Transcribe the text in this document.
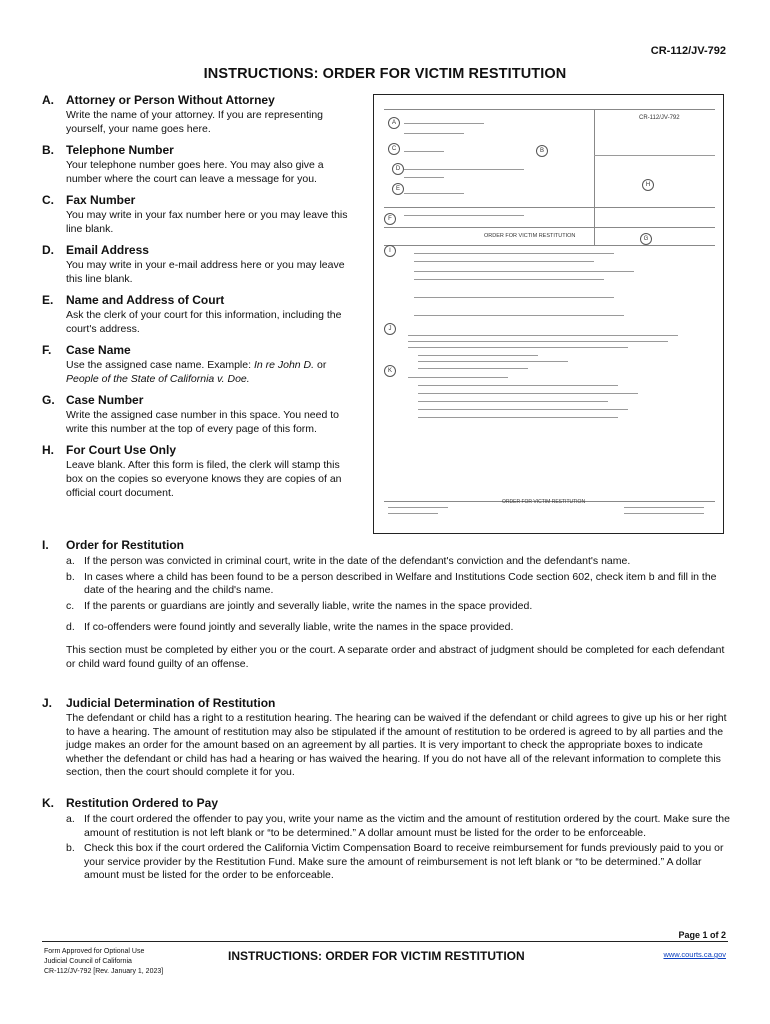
CR-112/JV-792
INSTRUCTIONS: ORDER FOR VICTIM RESTITUTION
A.	Attorney or Person Without Attorney
Write the name of your attorney. If you are representing yourself, your name goes here.
B.	Telephone Number
Your telephone number goes here. You may also give a number where the court can leave a message for you.
C.	Fax Number
You may write in your fax number here or you may leave this line blank.
D.	Email Address
You may write in your e-mail address here or you may leave this line blank.
E.	Name and Address of Court
Ask the clerk of your court for this information, including the court's address.
F.	Case Name
Use the assigned case name. Example: In re John D. or People of the State of California v. Doe.
G. Case Number
Write the assigned case number in this space. You need to write this number at the top of every page of this form.
H.	For Court Use Only
Leave blank. After this form is filed, the clerk will stamp this box on the copies so everyone knows they are copies of an official court document.
CR-112/JV-792
A
C
D
E
F
B
H
G
I
J
K
ORDER FOR VICTIM RESTITUTION
ORDER FOR VICTIM RESTITUTION
I.	Order for Restitution
a. If the person was convicted in criminal court, write in the date of the defendant's conviction and the defendant's name.
b. In cases where a child has been found to be a person described in Welfare and Institutions Code section 602, check item b and fill in the date of the hearing and the child's name.
c. If the parents or guardians are jointly and severally liable, write the names in the space provided.
d. If co-offenders were found jointly and severally liable, write the names in the space provided.
This section must be completed by either you or the court. A separate order and abstract of judgment should be completed for each defendant or child ward found guilty of an offense.
J.	Judicial Determination of Restitution
The defendant or child has a right to a restitution hearing. The hearing can be waived if the defendant or child agrees to give up his or her right to have a hearing. The amount of restitution may also be stipulated if the amount of restitution to be ordered is agreed to by all parties and the judge makes an order for the amount based on an agreement by all parties. It is very important to check the appropriate boxes to indicate whether the defendant or child has had a hearing or has waived the hearing. If you do not have all of the relevant information to complete this section, then the court should complete it for you.
K.	Restitution Ordered to Pay
a. If the court ordered the offender to pay you, write your name as the victim and the amount of restitution ordered by the court. Make sure the amount of restitution is not left blank or “to be determined.” A dollar amount must be listed for the order to be enforceable.
b. Check this box if the court ordered the California Victim Compensation Board to receive reimbursement for funds previously paid to you or your service provider by the Restitution Fund. Make sure the amount of reimbursement is not left blank or “to be determined.” A dollar amount must be listed for the order to be enforceable.
Page 1 of 2
Form Approved for Optional Use
Judicial Council of California
CR-112/JV-792 [Rev. January 1, 2023]
INSTRUCTIONS: ORDER FOR VICTIM RESTITUTION	www.courts.ca.gov
